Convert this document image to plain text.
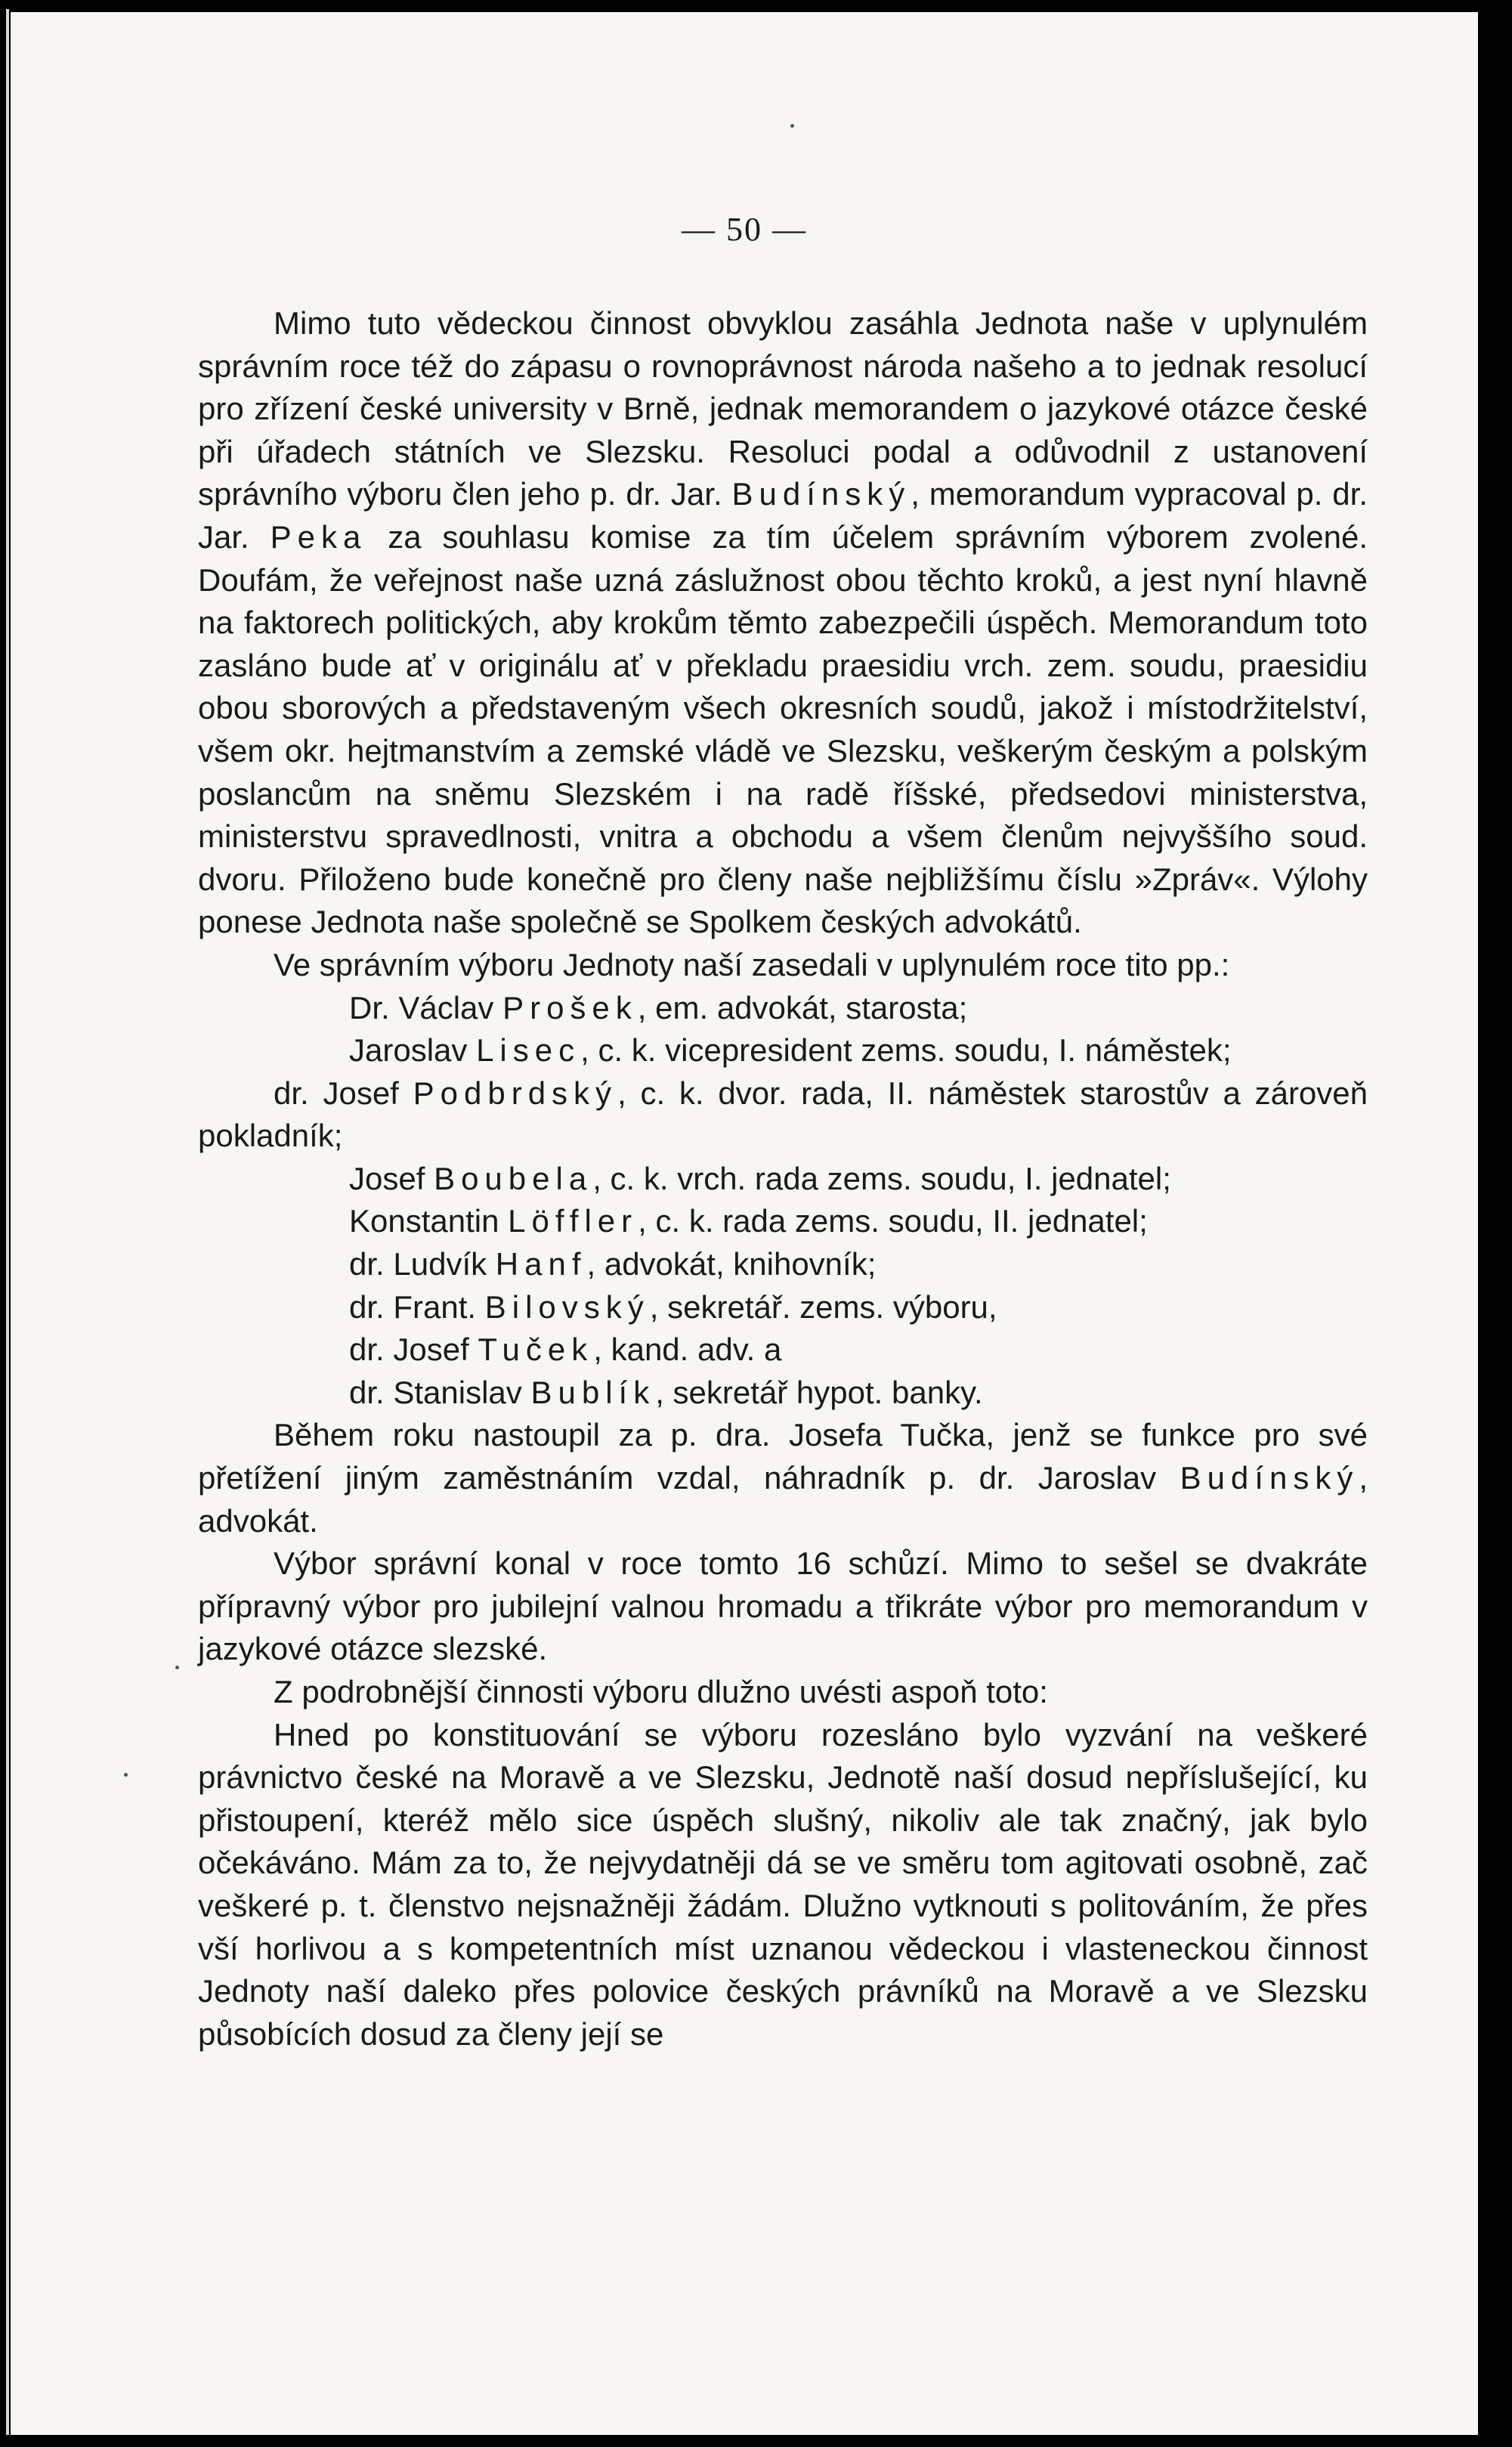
— 50 —

Mimo tuto vědeckou činnost obvyklou zasáhla Jednota naše v uplynulém správním roce též do zápasu o rovnoprávnost národa našeho a to jednak resolucí pro zřízení české university v Brně, jednak memorandem o jazykové otázce české při úřadech státních ve Slezsku. Resoluci podal a odůvodnil z ustanovení správního výboru člen jeho p. dr. Jar. Budínský, memorandum vypracoval p. dr. Jar. Peka za souhlasu komise za tím účelem správním výborem zvolené. Doufám, že veřejnost naše uzná záslužnost obou těchto kroků, a jest nyní hlavně na faktorech politických, aby krokům těmto zabezpečili úspěch. Memorandum toto zasláno bude ať v originálu ať v překladu praesidiu vrch. zem. soudu, praesidiu obou sborových a představeným všech okresních soudů, jakož i místodržitelství, všem okr. hejtmanstvím a zemské vládě ve Slezsku, veškerým českým a polským poslancům na sněmu Slezském i na radě říšské, předsedovi ministerstva, ministerstvu spravedlnosti, vnitra a obchodu a všem členům nejvyššího soud. dvoru. Přiloženo bude konečně pro členy naše nejbližšímu číslu »Zpráv«. Výlohy ponese Jednota naše společně se Spolkem českých advokátů.

Ve správním výboru Jednoty naší zasedali v uplynulém roce tito pp.:

Dr. Václav Prošek, em. advokát, starosta;

Jaroslav Lisec, c. k. vicepresident zems. soudu, I. náměstek;

dr. Josef Podbrdský, c. k. dvor. rada, II. náměstek starostův a zároveň pokladník;

Josef Boubela, c. k. vrch. rada zems. soudu, I. jednatel;

Konstantin Löffler, c. k. rada zems. soudu, II. jednatel;

dr. Ludvík Hanf, advokát, knihovník;

dr. Frant. Bilovský, sekretář. zems. výboru,

dr. Josef Tuček, kand. adv. a

dr. Stanislav Bublík, sekretář hypot. banky.

Během roku nastoupil za p. dra. Josefa Tučka, jenž se funkce pro své přetížení jiným zaměstnáním vzdal, náhradník p. dr. Jaroslav Budínský, advokát.

Výbor správní konal v roce tomto 16 schůzí. Mimo to sešel se dvakráte přípravný výbor pro jubilejní valnou hromadu a třikráte výbor pro memorandum v jazykové otázce slezské.

Z podrobnější činnosti výboru dlužno uvésti aspoň toto:

Hned po konstituování se výboru rozesláno bylo vyzvání na veškeré právnictvo české na Moravě a ve Slezsku, Jednotě naší dosud nepříslušející, ku přistoupení, kteréž mělo sice úspěch slušný, nikoliv ale tak značný, jak bylo očekáváno. Mám za to, že nejvydatněji dá se ve směru tom agitovati osobně, zač veškeré p. t. členstvo nejsnažněji žádám. Dlužno vytknouti s politováním, že přes vší horlivou a s kompetentních míst uznanou vědeckou i vlasteneckou činnost Jednoty naší daleko přes polovice českých právníků na Moravě a ve Slezsku působících dosud za členy její se
